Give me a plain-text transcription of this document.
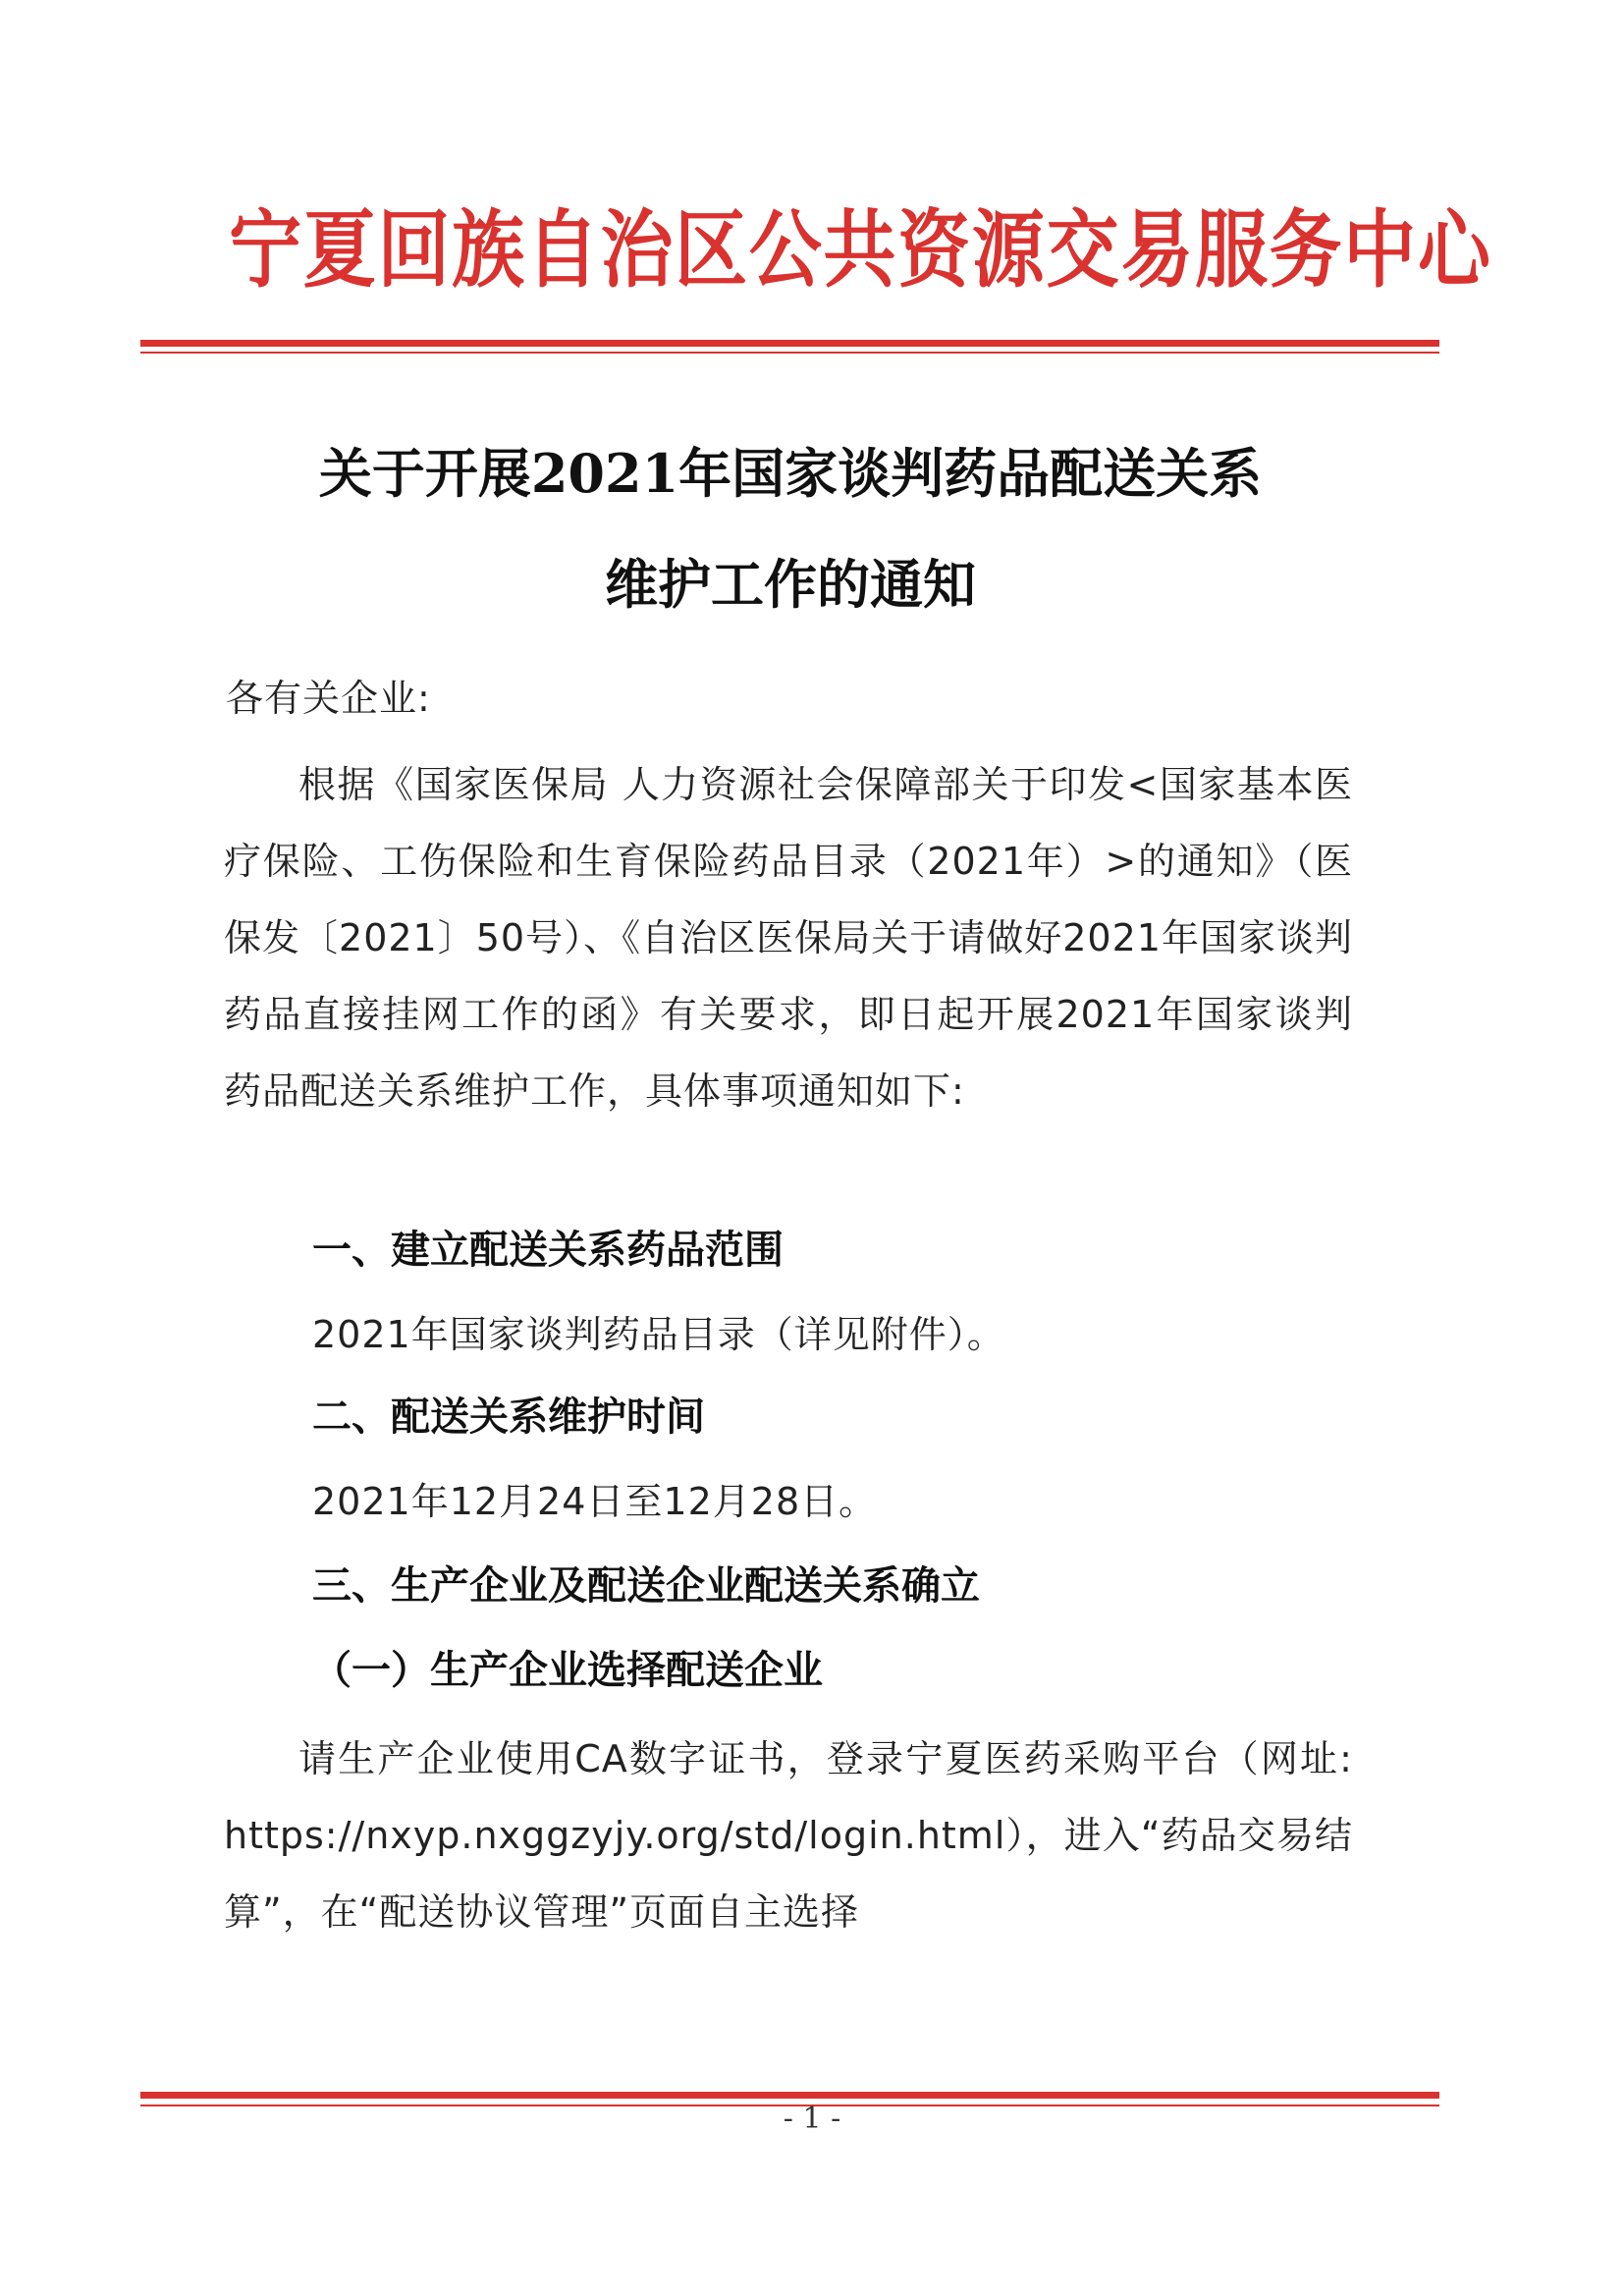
宁夏回族自治区公共资源交易服务中心
关于开展2021年国家谈判药品配送关系
维护工作的通知
各有关企业:

根据《国家医保局 人力资源社会保障部关于印发<国家基本医疗保险、工伤保险和生育保险药品目录（2021年）>的通知》（医保发〔2021〕50号）、《自治区医保局关于请做好2021年国家谈判药品直接挂网工作的函》有关要求，即日起开展2021年国家谈判药品配送关系维护工作，具体事项通知如下:

一、建立配送关系药品范围
2021年国家谈判药品目录（详见附件）。
二、配送关系维护时间
2021年12月24日至12月28日。
三、生产企业及配送企业配送关系确立
（一）生产企业选择配送企业

请生产企业使用CA数字证书，登录宁夏医药采购平台（网址: https://nxyp.nxggzyjy.org/std/login.html），进入“药品交易结算”，在“配送协议管理”页面自主选择

- 1 -
